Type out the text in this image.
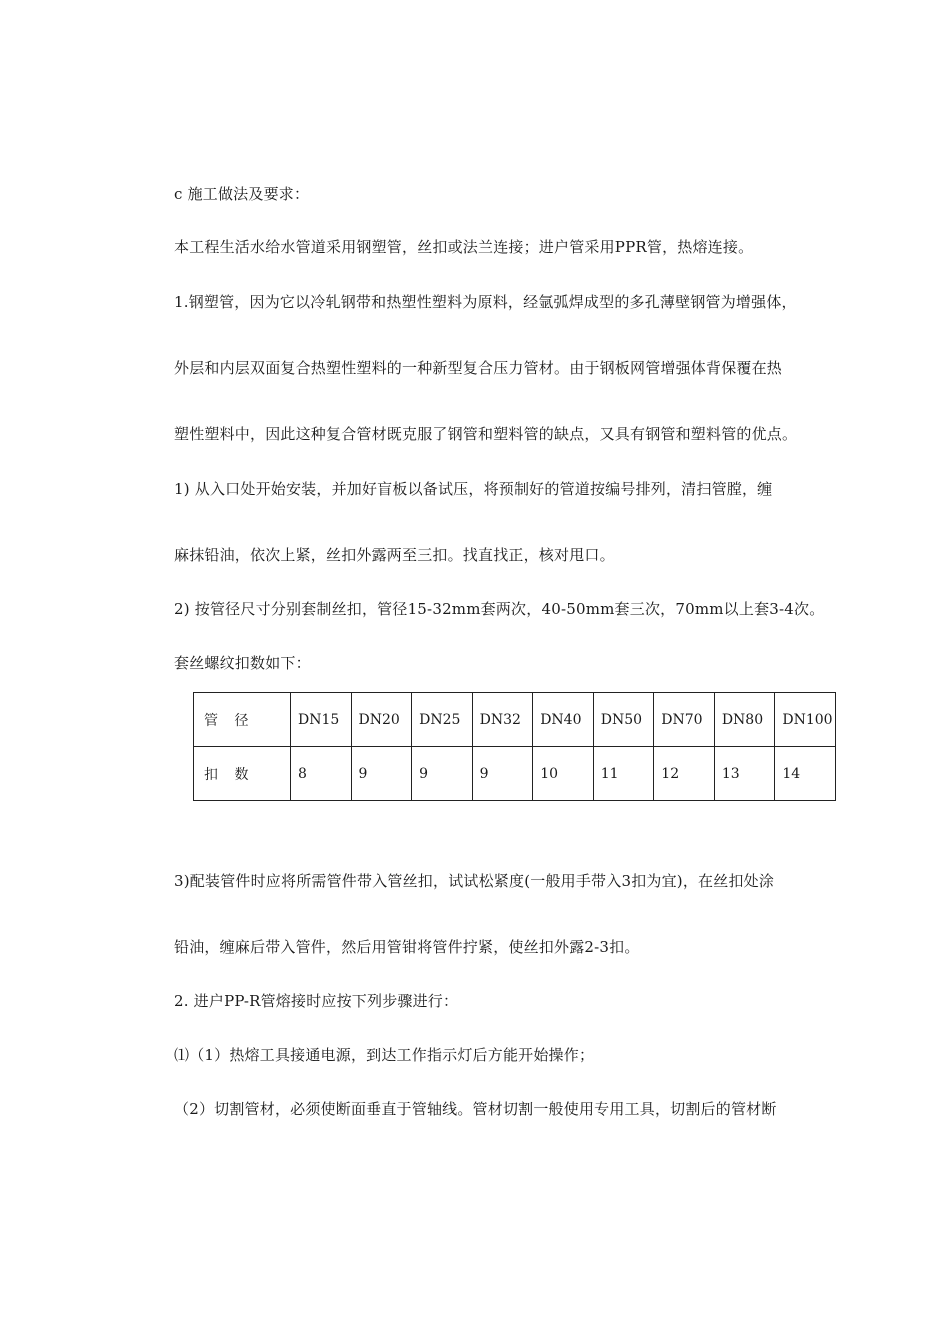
c 施工做法及要求：
本工程生活水给水管道采用钢塑管，丝扣或法兰连接；进户管采用PPR管，热熔连接。
1.钢塑管，因为它以冷轧钢带和热塑性塑料为原料，经氩弧焊成型的多孔薄壁钢管为增强体，
外层和内层双面复合热塑性塑料的一种新型复合压力管材。由于钢板网管增强体背保覆在热
塑性塑料中，因此这种复合管材既克服了钢管和塑料管的缺点，又具有钢管和塑料管的优点。
1) 从入口处开始安装，并加好盲板以备试压，将预制好的管道按编号排列，清扫管膛，缠
麻抹铅油，依次上紧，丝扣外露两至三扣。找直找正，核对甩口。
2) 按管径尺寸分别套制丝扣，管径15-32mm套两次，40-50mm套三次，70mm以上套3-4次。
套丝螺纹扣数如下：
管 径	DN15	DN20	DN25	DN32	DN40	DN50	DN70	DN80	DN100
扣 数	8	9	9	9	10	11	12	13	14
3)配装管件时应将所需管件带入管丝扣，试试松紧度(一般用手带入3扣为宜)，在丝扣处涂
铅油，缠麻后带入管件，然后用管钳将管件拧紧，使丝扣外露2-3扣。
2. 进户PP-R管熔接时应按下列步骤进行：
⑴（1）热熔工具接通电源，到达工作指示灯后方能开始操作；
（2）切割管材，必须使断面垂直于管轴线。管材切割一般使用专用工具，切割后的管材断
